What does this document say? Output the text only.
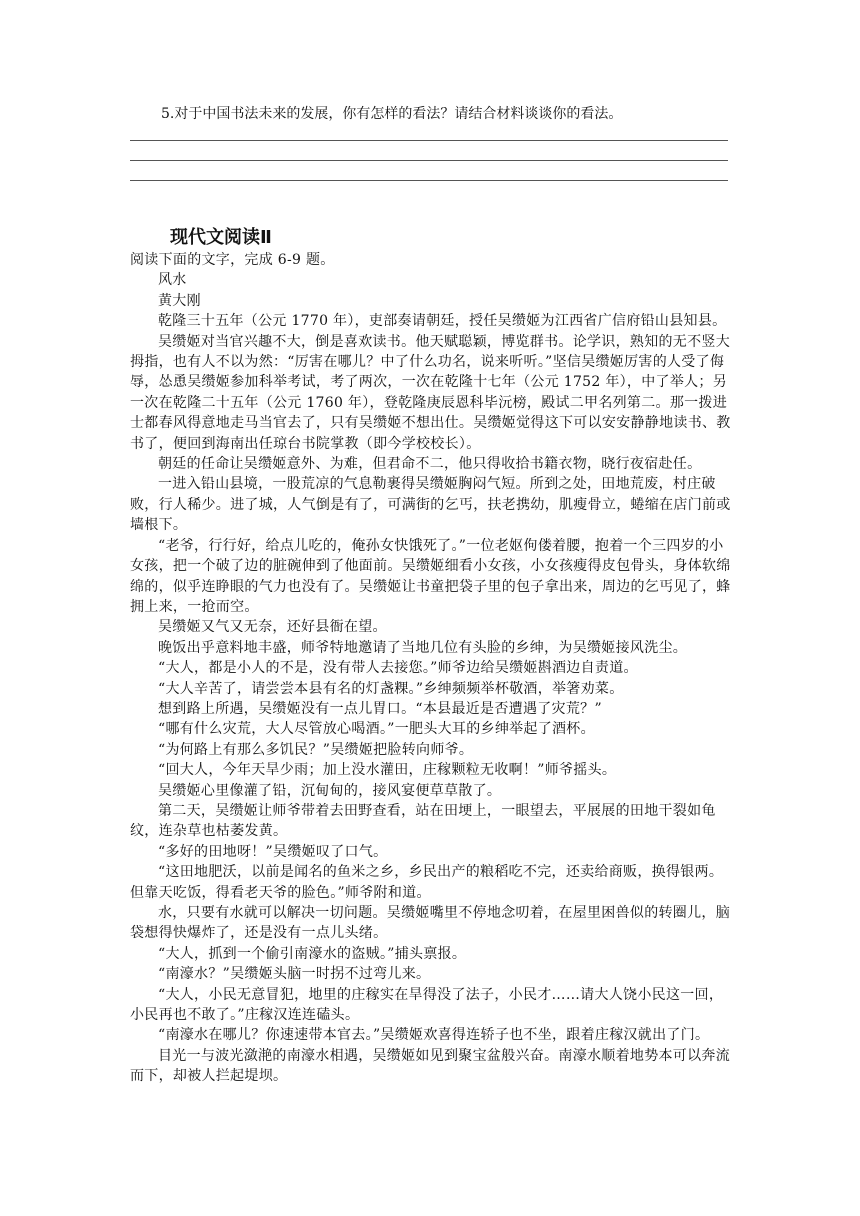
5.对于中国书法未来的发展，你有怎样的看法？请结合材料谈谈你的看法。
现代文阅读Ⅱ

阅读下面的文字，完成 6-9 题。

风水

黄大刚

乾隆三十五年（公元 1770 年），吏部奏请朝廷，授任吴缵姬为江西省广信府铅山县知县。

吴缵姬对当官兴趣不大，倒是喜欢读书。他天赋聪颖，博览群书。论学识，熟知的无不竖大拇指，也有人不以为然：“厉害在哪儿？中了什么功名，说来听听。”坚信吴缵姬厉害的人受了侮辱，怂恿吴缵姬参加科举考试，考了两次，一次在乾隆十七年（公元 1752 年），中了举人；另一次在乾隆二十五年（公元 1760 年），登乾隆庚辰恩科毕沅榜，殿试二甲名列第二。那一拨进士都春风得意地走马当官去了，只有吴缵姬不想出仕。吴缵姬觉得这下可以安安静静地读书、教书了，便回到海南出任琼台书院掌教（即今学校校长）。

朝廷的任命让吴缵姬意外、为难，但君命不二，他只得收拾书籍衣物，晓行夜宿赴任。

一进入铅山县境，一股荒凉的气息勒裹得吴缵姬胸闷气短。所到之处，田地荒废，村庄破败，行人稀少。进了城，人气倒是有了，可满街的乞丐，扶老携幼，肌瘦骨立，蜷缩在店门前或墙根下。

“老爷，行行好，给点儿吃的，俺孙女快饿死了。”一位老妪佝偻着腰，抱着一个三四岁的小女孩，把一个破了边的脏碗伸到了他面前。吴缵姬细看小女孩，小女孩瘦得皮包骨头，身体软绵绵的，似乎连睁眼的气力也没有了。吴缵姬让书童把袋子里的包子拿出来，周边的乞丐见了，蜂拥上来，一抢而空。

吴缵姬又气又无奈，还好县衙在望。

晚饭出乎意料地丰盛，师爷特地邀请了当地几位有头脸的乡绅，为吴缵姬接风洗尘。

“大人，都是小人的不是，没有带人去接您。”师爷边给吴缵姬斟酒边自责道。

“大人辛苦了，请尝尝本县有名的灯盏粿。”乡绅频频举杯敬酒，举箸劝菜。

想到路上所遇，吴缵姬没有一点儿胃口。“本县最近是否遭遇了灾荒？”

“哪有什么灾荒，大人尽管放心喝酒。”一肥头大耳的乡绅举起了酒杯。

“为何路上有那么多饥民？”吴缵姬把脸转向师爷。

“回大人，今年天旱少雨；加上没水灌田，庄稼颗粒无收啊！”师爷摇头。

吴缵姬心里像灌了铅，沉甸甸的，接风宴便草草散了。

第二天，吴缵姬让师爷带着去田野查看，站在田埂上，一眼望去，平展展的田地干裂如龟纹，连杂草也枯萎发黄。

“多好的田地呀！”吴缵姬叹了口气。

“这田地肥沃，以前是闻名的鱼米之乡，乡民出产的粮稻吃不完，还卖给商贩，换得银两。但靠天吃饭，得看老天爷的脸色。”师爷附和道。

水，只要有水就可以解决一切问题。吴缵姬嘴里不停地念叨着，在屋里困兽似的转圈儿，脑袋想得快爆炸了，还是没有一点儿头绪。

“大人，抓到一个偷引南濠水的盗贼。”捕头禀报。

“南濠水？”吴缵姬头脑一时拐不过弯儿来。

“大人，小民无意冒犯，地里的庄稼实在旱得没了法子，小民才……请大人饶小民这一回，小民再也不敢了。”庄稼汉连连磕头。

“南濠水在哪儿？你速速带本官去。”吴缵姬欢喜得连轿子也不坐，跟着庄稼汉就出了门。

目光一与波光潋滟的南濠水相遇，吴缵姬如见到聚宝盆般兴奋。南濠水顺着地势本可以奔流而下，却被人拦起堤坝。
